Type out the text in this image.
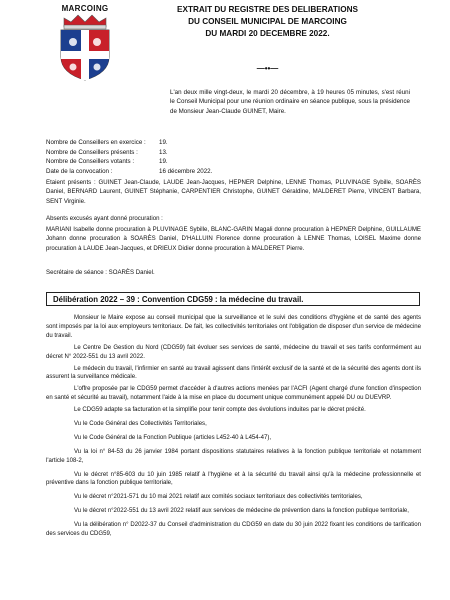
MARCOING	EXTRAIT DU REGISTRE DES DELIBERATIONS
DU CONSEIL MUNICIPAL DE MARCOING
DU MARDI 20 DECEMBRE 2022.
—••—
L'an deux mille vingt-deux, le mardi 20 décembre, à 19 heures 05 minutes, s'est réuni le Conseil Municipal pour une réunion ordinaire en séance publique, sous la présidence de Monsieur Jean-Claude GUINET, Maire.
Nombre de Conseillers en exercice :	19.
Nombre de Conseillers présents :	13.
Nombre de Conseillers votants :	19.
Date de la convocation :	16 décembre 2022.
Etaient présents : GUINET Jean-Claude, LAUDE Jean-Jacques, HEPNER Delphine, LENNE Thomas, PLUVINAGE Sybille, SOARÈS Daniel, BERNARD Laurent, GUINET Stéphanie, CARPENTIER Christophe, GUINET Géraldine, MALDERET Pierre, VINCENT Barbara, SENT Virginie.
Absents excusés ayant donné procuration :
MARIANI Isabelle donne procuration à PLUVINAGE Sybille, BLANC-GARIN Magali donne procuration à HEPNER Delphine, GUILLAUME Johann donne procuration à SOARÈS Daniel, D'HALLUIN Florence donne procuration à LENNE Thomas, LOISEL Maxime donne procuration à LAUDE Jean-Jacques, et DRIEUX Didier donne procuration à MALDERET Pierre.
Secrétaire de séance : SOARÈS Daniel.
Délibération 2022 – 39 : Convention CDG59 : la médecine du travail.

Monsieur le Maire expose au conseil municipal que la surveillance et le suivi des conditions d'hygiène et de santé des agents sont imposés par la loi aux employeurs territoriaux. De fait, les collectivités territoriales ont l'obligation de disposer d'un service de médecine du travail.

Le Centre De Gestion du Nord (CDG59) fait évoluer ses services de santé, médecine du travail et ses tarifs conformément au décret N° 2022-551 du 13 avril 2022.

Le médecin du travail, l'infirmier en santé au travail agissent dans l'intérêt exclusif de la santé et de la sécurité des agents dont ils assurent la surveillance médicale.

L'offre proposée par le CDG59 permet d'accéder à d'autres actions menées par l'ACFI (Agent chargé d'une fonction d'inspection en santé et sécurité au travail), notamment l'aide à la mise en place du document unique communément appelé DU ou DUEVRP.

Le CDG59 adapte sa facturation et la simplifie pour tenir compte des évolutions induites par le décret précité.

Vu le Code Général des Collectivités Territoriales,

Vu le Code Général de la Fonction Publique (articles L452-40 à L454-47),

Vu la loi n° 84-53 du 26 janvier 1984 portant dispositions statutaires relatives à la fonction publique territoriale et notamment l'article 108-2,

Vu le décret n°85-603 du 10 juin 1985 relatif à l'hygiène et à la sécurité du travail ainsi qu'à la médecine professionnelle et préventive dans la fonction publique territoriale,

Vu le décret n°2021-571 du 10 mai 2021 relatif aux comités sociaux territoriaux des collectivités territoriales,

Vu le décret n°2022-551 du 13 avril 2022 relatif aux services de médecine de prévention dans la fonction publique territoriale,

Vu la délibération n° D2022-37 du Conseil d'administration du CDG59 en date du 30 juin 2022 fixant les conditions de tarification des services du CDG59,
